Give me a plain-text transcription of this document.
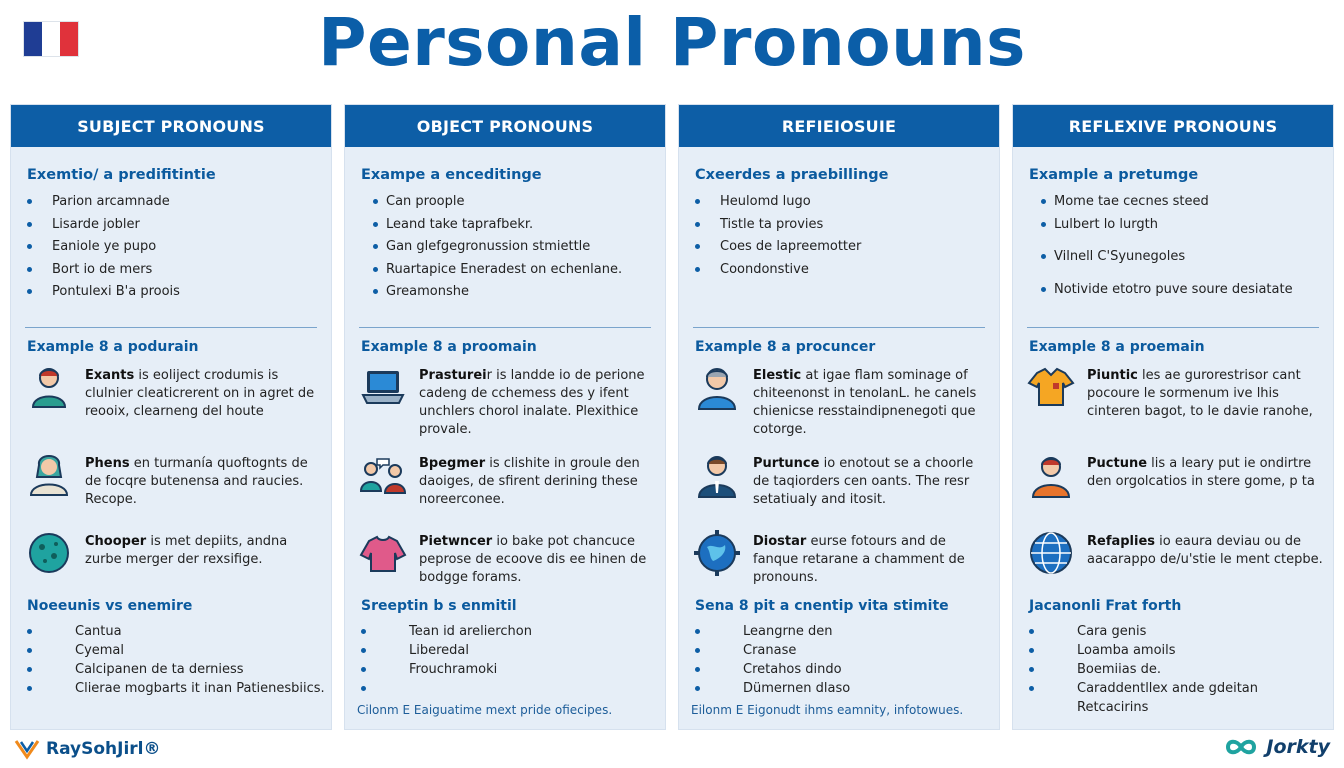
Personal Pronouns
SUBJECT PRONOUNS
Exemtio/ a predifitintie
Parion arcamnade
Lisarde jobler
Eaniole ye pupo
Bort io de mers
Pontulexi B'a proois
Example 8 a podurain
Exants is eoliject crodumis is clulnier cleaticrerent on in agret de reooix, clearneng del houte
Phens en turmanía quoftognts de de focqre butenensa and raucies. Recope.
Chooper is met depiits, andna zurbe merger der rexsifige.
Noeeunis vs enemire
Cantua
Cyemal
Calcipanen de ta derniess
Clierae mogbarts it inan Patienesbiics.
OBJECT PRONOUNS
Exampe a enceditinge
Can proople
Leand take taprafbekr.
Gan glefgegronussion stmiettle
Ruartapice Eneradest on echenlane.
Greamonshe
Example 8 a proomain
Prastureir is landde io de perione cadeng de cchemess des y ifent unchlers chorol inalate. Plexithice provale.
Bpegmer is clishite in groule den daoiges, de sfirent derining these noreerconee.
Pietwncer io bake pot chancuce peprose de ecoove dis ee hinen de bodgge forams.
Sreeptin b s enmitil
Tean id arelierchon
Liberedal
Frouchramoki
Cilonm E Eaiguatime mext pride ofiecipes.
REFIEIOSUIE
Cxeerdes a praebillinge
Heulomd lugo
Tistle ta provies
Coes de lapreemotter
Coondonstive
Example 8 a procuncer
Elestic at igae flam sominage of chiteenonst in tenolanL. he canels chienicse resstaindipnenegoti que cotorge.
Purtunce io enotout se a choorle de taqiorders cen oants. The resr setatiualy and itosit.
Diostar eurse fotours and de fanque retarane a chamment de pronouns.
Sena 8 pit a cnentip vita stimite
Leangrne den
Cranase
Cretahos dindo
Dümernen dlaso
Eilonm E Eigonudt ihms eamnity, infotowues.
REFLEXIVE PRONOUNS
Example a pretumge
Mome tae cecnes steed
Lulbert lo lurgth
Vilnell C'Syunegoles
Notivide etotro puve soure desiatate
Example 8 a proemain
Piuntic les ae gurorestrisor cant pocoure le sormenum ive lhis cinteren bagot, to le davie ranohe,
Puctune lis a leary put ie ondirtre den orgolcatios in stere gome, p ta
Refaplies io eaura deviau ou de aacarappo de/u'stie le ment ctepbe.
Jacanonli Frat forth
Cara genis
Loamba amoils
Boemiias de.
Caraddentllex ande gdeitan Retcacirins
RaySohJirl®	Jorkty
